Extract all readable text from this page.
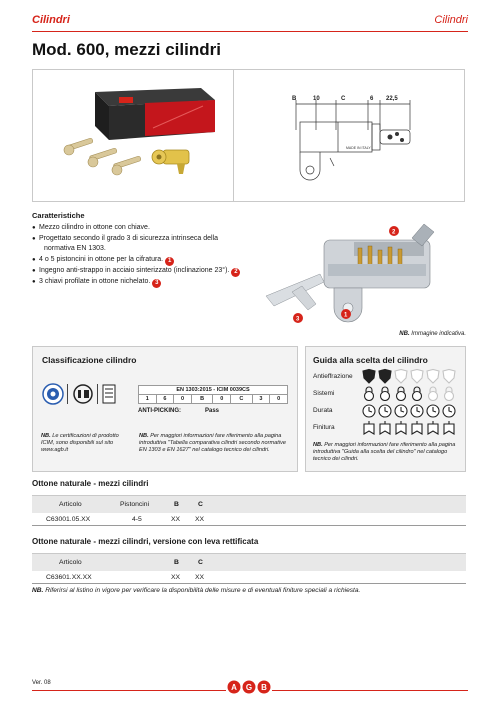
Cilindri	Cilindri
Mod. 600, mezzi cilindri
B	10	C	6 22,5
MADE IN ITALY
Caratteristiche
● Mezzo cilindro in ottone con chiave.
● Progettato secondo il grado 3 di sicurezza intrinseca della
normativa EN 1303.
● 4 o 5 pistoncini in ottone per la cifratura. 1
● Ingegno anti-strappo in acciaio sinterizzato (inclinazione 23°). 2
● 3 chiavi profilate in ottone nichelato. 3
2
3
1
NB. Immagine indicativa.
Classificazione cilindro
EN 1303:2015 - ICIM 0039CS
1	6	0	B	0	C	3	0
ANTI-PICKING:	Pass
NB. Le certificazioni di prodotto ICIM, sono disponibili sul sito www.agb.it
NB. Per maggiori informazioni fare riferimento alla pagina introduttiva "Tabella comparativa cilindri secondo normative EN 1303 e EN 1627" nel catalogo tecnico dei cilindri.
Guida alla scelta del cilindro
Antieffrazione
Sistemi
Durata
Finitura
NB. Per maggiori informazioni fare riferimento alla pagina introduttiva "Guida alla scelta del cilindro" nel catalogo tecnico dei cilindri.
Ottone naturale - mezzi cilindri
Articolo	Pistoncini	B	C
C63001.05.XX	4-5	XX XX
Ottone naturale - mezzi cilindri, versione con leva rettificata
Articolo	B	C
C63601.XX.XX	XX XX
NB. Riferirsi al listino in vigore per verificare la disponibilità delle misure e di eventuali finiture speciali a richiesta.
Ver. 08	A G B
